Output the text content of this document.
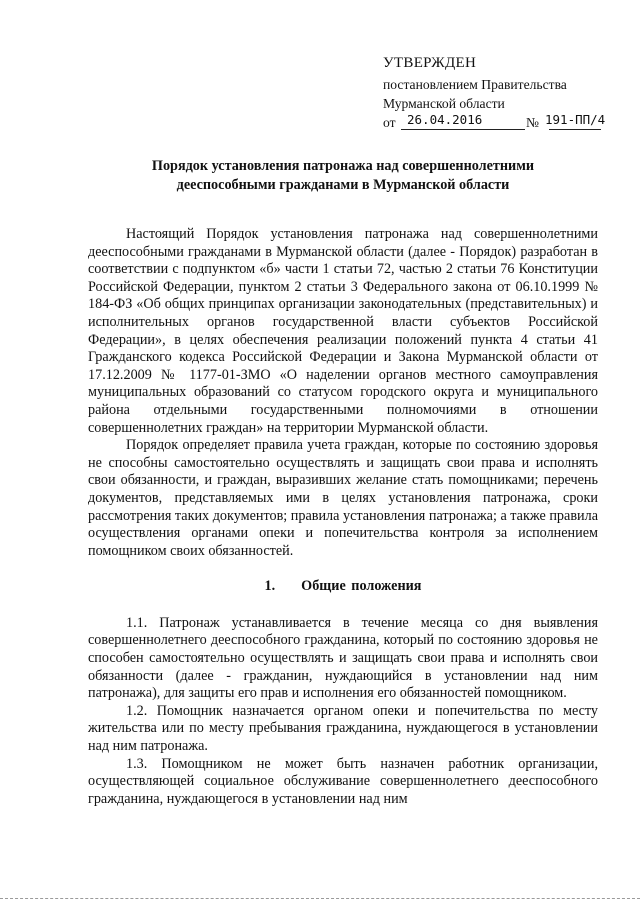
УТВЕРЖДЕН
постановлением Правительства
Мурманской области
от 26.04.2016	№ 191-ПП/4
Порядок установления патронажа над совершеннолетними
дееспособными гражданами в Мурманской области

Настоящий Порядок установления патронажа над совершеннолетними дееспособными гражданами в Мурманской области (далее - Порядок) разработан в соответствии с подпунктом «б» части 1 статьи 72, частью 2 статьи 76 Конституции Российской Федерации, пунктом 2 статьи 3 Федерального закона от 06.10.1999 № 184-ФЗ «Об общих принципах организации законодательных (представительных) и исполнительных органов государственной власти субъектов Российской Федерации», в целях обеспечения реализации положений пункта 4 статьи 41 Гражданского кодекса Российской Федерации и Закона Мурманской области от 17.12.2009 № 1177-01-ЗМО «О наделении органов местного самоуправления муниципальных образований со статусом городского округа и муниципального района отдельными государственными полномочиями в отношении совершеннолетних граждан» на территории Мурманской области.

Порядок определяет правила учета граждан, которые по состоянию здоровья не способны самостоятельно осуществлять и защищать свои права и исполнять свои обязанности, и граждан, выразивших желание стать помощниками; перечень документов, представляемых ими в целях установления патронажа, сроки рассмотрения таких документов; правила установления патронажа; а также правила осуществления органами опеки и попечительства контроля за исполнением помощником своих обязанностей.

1. Общие положения

1.1. Патронаж устанавливается в течение месяца со дня выявления совершеннолетнего дееспособного гражданина, который по состоянию здоровья не способен самостоятельно осуществлять и защищать свои права и исполнять свои обязанности (далее - гражданин, нуждающийся в установлении над ним патронажа), для защиты его прав и исполнения его обязанностей помощником.

1.2. Помощник назначается органом опеки и попечительства по месту жительства или по месту пребывания гражданина, нуждающегося в установлении над ним патронажа.

1.3. Помощником не может быть назначен работник организации, осуществляющей социальное обслуживание совершеннолетнего дееспособного гражданина, нуждающегося в установлении над ним
